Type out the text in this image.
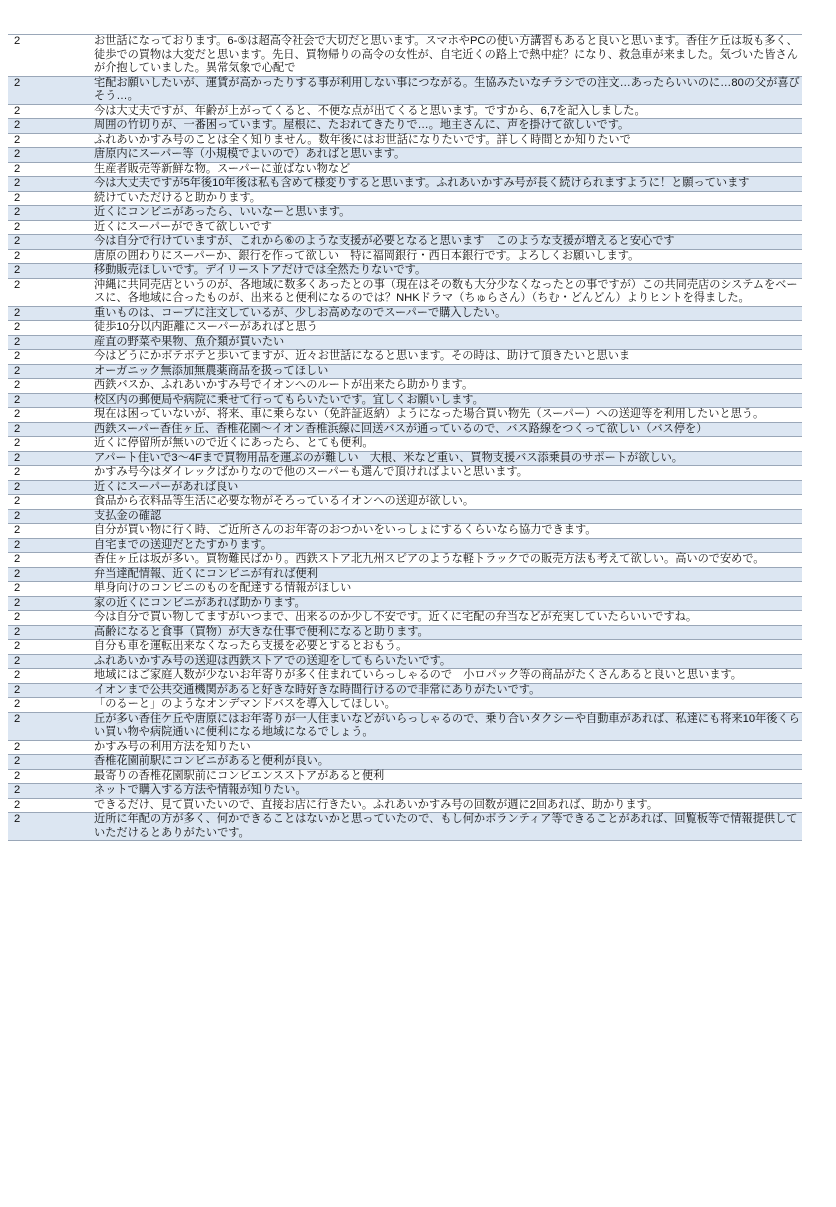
2	お世話になっております。6-⑤は超高令社会で大切だと思います。スマホやPCの使い方講習もあると良いと思います。香住ケ丘は坂も多く、徒歩での買物は大変だと思います。先日、買物帰りの高令の女性が、自宅近くの路上で熱中症？になり、救急車が来ました。気づいた皆さんが介抱していました。異常気象で心配で
2	宅配お願いしたいが、運賃が高かったりする事が利用しない事につながる。生協みたいなチラシでの注文…あったらいいのに…80の父が喜びそう…。
2	今は大丈夫ですが、年齢が上がってくると、不便な点が出てくると思います。ですから、6,7を記入しました。
2	周囲の竹切りが、一番困っています。屋根に、たおれてきたりで…。地主さんに、声を掛けて欲しいです。
2	ふれあいかすみ号のことは全く知りません。数年後にはお世話になりたいです。詳しく時間とか知りたいで
2	唐原内にスーパー等（小規模でよいので）あればと思います。
2	生産者販売等新鮮な物。スーパーに並ばない物など
2	今は大丈夫ですが5年後10年後は私も含めて様変りすると思います。ふれあいかすみ号が長く続けられますように！と願っています
2	続けていただけると助かります。
2	近くにコンビニがあったら、いいなーと思います。
2	近くにスーパーができて欲しいです
2	今は自分で行けていますが、これから⑥のような支援が必要となると思います　このような支援が増えると安心です
2	唐原の囲わりにスーパーか、銀行を作って欲しい　特に福岡銀行・西日本銀行です。よろしくお願いします。
2	移動販売ほしいです。デイリーストアだけでは全然たりないです。
2	沖縄に共同売店というのが、各地域に数多くあったとの事（現在はその数も大分少なくなったとの事ですが）この共同売店のシステムをベースに、各地域に合ったものが、出来ると便利になるのでは？NHKドラマ（ちゅらさん）（ちむ・どんどん）よりヒントを得ました。
2	重いものは、コープに注文しているが、少しお高めなのでスーパーで購入したい。
2	徒歩10分以内距離にスーパーがあればと思う
2	産直の野菜や果物、魚介類が買いたい
2	今はどうにかボテボテと歩いてますが、近々お世話になると思います。その時は、助けて頂きたいと思いま
2	オーガニック無添加無農薬商品を扱ってほしい
2	西鉄バスか、ふれあいかすみ号でイオンへのルートが出来たら助かります。
2	校区内の郵便局や病院に乗せて行ってもらいたいです。宜しくお願いします。
2	現在は困っていないが、将来、車に乗らない（免許証返納）ようになった場合買い物先（スーパー）への送迎等を利用したいと思う。
2	西鉄スーパー香住ヶ丘、香椎花園～イオン香椎浜線に回送バスが通っているので、バス路線をつくって欲しい（バス停を）
2	近くに停留所が無いので近くにあったら、とても便利。
2	アパート住いで3～4Fまで買物用品を運ぶのが難しい　大根、米など重い、買物支援バス添乗員のサポートが欲しい。
2	かすみ号今はダイレックばかりなので他のスーパーも選んで頂ければよいと思います。
2	近くにスーパーがあれば良い
2	食品から衣料品等生活に必要な物がそろっているイオンへの送迎が欲しい。
2	支払金の確認
2	自分が買い物に行く時、ご近所さんのお年寄のおつかいをいっしょにするくらいなら協力できます。
2	自宅までの送迎だとたすかります。
2	香住ヶ丘は坂が多い。買物難民ばかり。西鉄ストア北九州スピアのような軽トラックでの販売方法も考えて欲しい。高いので安めで。
2	弁当達配情報、近くにコンビニが有れば便利
2	単身向けのコンビニのものを配達する情報がほしい
2	家の近くにコンビニがあれば助かります。
2	今は自分で買い物してますがいつまで、出来るのか少し不安です。近くに宅配の弁当などが充実していたらいいですね。
2	高齢になると食事（買物）が大きな仕事で便利になると助ります。
2	自分も車を運転出来なくなったら支援を必要とするとおもう。
2	ふれあいかすみ号の送迎は西鉄ストアでの送迎をしてもらいたいです。
2	地域にはご家庭人数が少ないお年寄りが多く住まれていらっしゃるので　小ロパック等の商品がたくさんあると良いと思います。
2	イオンまで公共交通機関があると好きな時好きな時間行けるので非常にありがたいです。
2	「のるーと」のようなオンデマンドバスを導入してほしい。
2	丘が多い香住ケ丘や唐原にはお年寄りが一人住まいなどがいらっしゃるので、乗り合いタクシーや自動車があれば、私達にも将来10年後くらい買い物や病院通いに便利になる地域になるでしょう。
2	かすみ号の利用方法を知りたい
2	香椎花園前駅にコンビニがあると便利が良い。
2	最寄りの香椎花園駅前にコンビエンスストアがあると便利
2	ネットで購入する方法や情報が知りたい。
2	できるだけ、見て買いたいので、直接お店に行きたい。ふれあいかすみ号の回数が週に2回あれば、助かります。
2	近所に年配の方が多く、何かできることはないかと思っていたので、もし何かボランティア等できることがあれば、回覧板等で情報提供していただけるとありがたいです。
